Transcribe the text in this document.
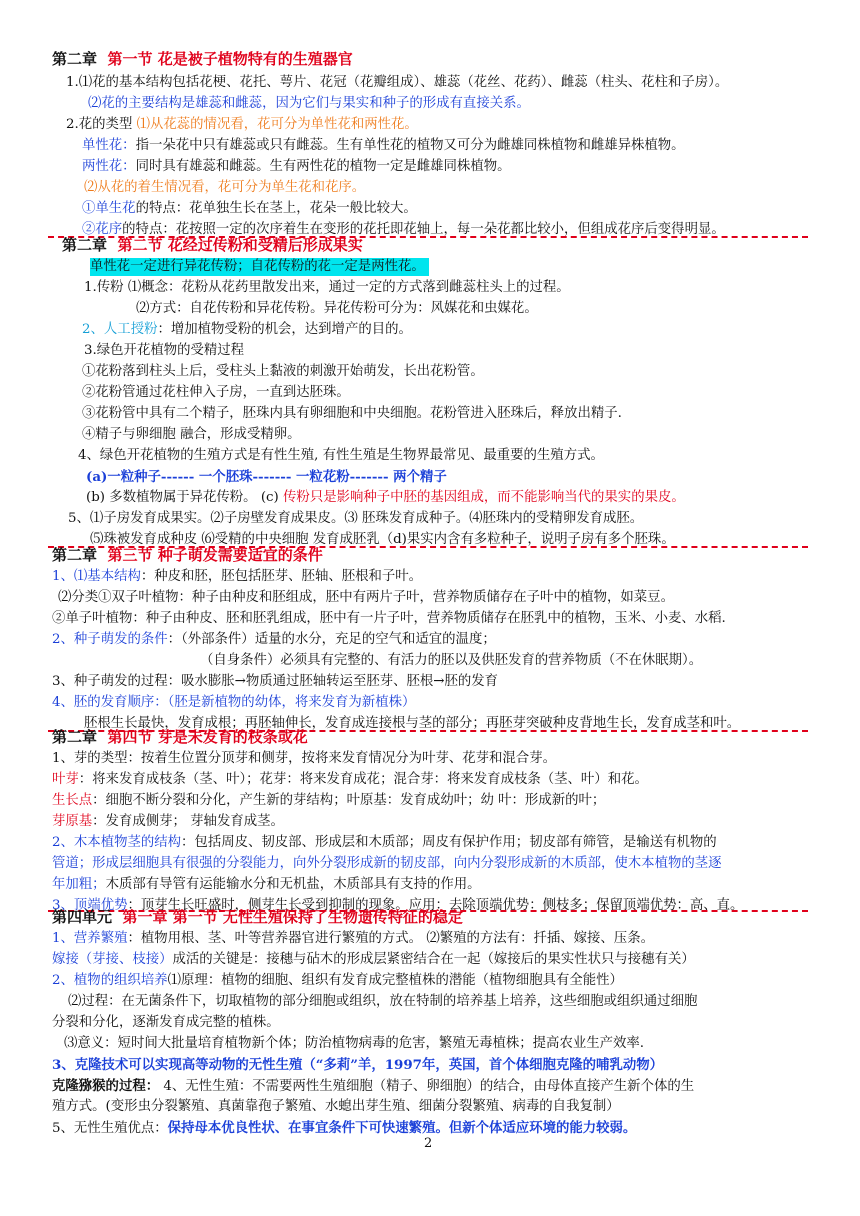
第二章 第一节 花是被子植物特有的生殖器官
1.⑴花的基本结构包括花梗、花托、萼片、花冠（花瓣组成）、雄蕊（花丝、花药）、雌蕊（柱头、花柱和子房）。
⑵花的主要结构是雄蕊和雌蕊，因为它们与果实和种子的形成有直接关系。
2.花的类型 ⑴从花蕊的情况看，花可分为单性花和两性花。
单性花：指一朵花中只有雄蕊或只有雌蕊。生有单性花的植物又可分为雌雄同株植物和雌雄异株植物。
两性花：同时具有雄蕊和雌蕊。生有两性花的植物一定是雌雄同株植物。
⑵从花的着生情况看，花可分为单生花和花序。
①单生花的特点：花单独生长在茎上，花朵一般比较大。
②花序的特点：花按照一定的次序着生在变形的花托即花轴上，每一朵花都比较小，但组成花序后变得明显。
第二章 第二节 花经过传粉和受精后形成果实
单性花一定进行异花传粉；自花传粉的花一定是两性花。
1.传粉 ⑴概念：花粉从花药里散发出来，通过一定的方式落到雌蕊柱头上的过程。
⑵方式：自花传粉和异花传粉。异花传粉可分为：风媒花和虫媒花。
2、人工授粉：增加植物受粉的机会，达到增产的目的。
3.绿色开花植物的受精过程
①花粉落到柱头上后，受柱头上黏液的刺激开始萌发，长出花粉管。
②花粉管通过花柱伸入子房，一直到达胚珠。
③花粉管中具有二个精子，胚珠内具有卵细胞和中央细胞。花粉管进入胚珠后，释放出精子.
④精子与卵细胞 融合，形成受精卵。
4、绿色开花植物的生殖方式是有性生殖, 有性生殖是生物界最常见、最重要的生殖方式。
(a)一粒种子------ 一个胚珠------- 一粒花粉------- 两个精子
(b) 多数植物属于异花传粉。 (c) 传粉只是影响种子中胚的基因组成，而不能影响当代的果实的果皮。
5、⑴子房发育成果实。⑵子房壁发育成果皮。⑶ 胚珠发育成种子。⑷胚珠内的受精卵发育成胚。
⑸珠被发育成种皮 ⑹受精的中央细胞 发育成胚乳（d)果实内含有多粒种子，说明子房有多个胚珠。
第二章 第三节 种子萌发需要适宜的条件
1、⑴基本结构：种皮和胚，胚包括胚芽、胚轴、胚根和子叶。
⑵分类①双子叶植物：种子由种皮和胚组成，胚中有两片子叶，营养物质储存在子叶中的植物，如菜豆。
②单子叶植物：种子由种皮、胚和胚乳组成，胚中有一片子叶，营养物质储存在胚乳中的植物，玉米、小麦、水稻.
2、种子萌发的条件：（外部条件）适量的水分，充足的空气和适宜的温度；
（自身条件）必须具有完整的、有活力的胚以及供胚发育的营养物质（不在休眠期）。
3、种子萌发的过程：吸水膨胀→物质通过胚轴转运至胚芽、胚根→胚的发育
4、胚的发育顺序：（胚是新植物的幼体，将来发育为新植株）
胚根生长最快，发育成根；再胚轴伸长，发育成连接根与茎的部分；再胚芽突破种皮背地生长，发育成茎和叶。
第二章 第四节 芽是未发育的枝条或花
1、芽的类型：按着生位置分顶芽和侧芽，按将来发育情况分为叶芽、花芽和混合芽。
叶芽：将来发育成枝条（茎、叶）；花芽：将来发育成花；混合芽：将来发育成枝条（茎、叶）和花。
生长点：细胞不断分裂和分化，产生新的芽结构；叶原基：发育成幼叶；幼 叶：形成新的叶；
芽原基：发育成侧芽； 芽轴发育成茎。
2、木本植物茎的结构：包括周皮、韧皮部、形成层和木质部；周皮有保护作用；韧皮部有筛管，是输送有机物的
管道；形成层细胞具有很强的分裂能力，向外分裂形成新的韧皮部，向内分裂形成新的木质部，使木本植物的茎逐
年加粗；木质部有导管有运能输水分和无机盐，木质部具有支持的作用。
3、顶端优势：顶芽生长旺盛时，侧芽生长受到抑制的现象。应用：去除顶端优势：侧枝多；保留顶端优势：高、直。
第四单元 第一章 第一节 无性生殖保持了生物遗传特征的稳定
1、营养繁殖：植物用根、茎、叶等营养器官进行繁殖的方式。 ⑵繁殖的方法有：扦插、嫁接、压条。
嫁接（芽接、枝接）成活的关键是：接穗与砧木的形成层紧密结合在一起（嫁接后的果实性状只与接穗有关）
2、植物的组织培养⑴原理：植物的细胞、组织有发育成完整植株的潜能（植物细胞具有全能性）
⑵过程：在无菌条件下，切取植物的部分细胞或组织，放在特制的培养基上培养，这些细胞或组织通过细胞
分裂和分化，逐渐发育成完整的植株。
⑶意义：短时间大批量培育植物新个体；防治植物病毒的危害，繁殖无毒植株；提高农业生产效率.
3、克隆技术可以实现高等动物的无性生殖（“多莉”羊，1997年，英国，首个体细胞克隆的哺乳动物）
克隆猕猴的过程： 4、无性生殖：不需要两性生殖细胞（精子、卵细胞）的结合，由母体直接产生新个体的生
殖方式。(变形虫分裂繁殖、真菌靠孢子繁殖、水螅出芽生殖、细菌分裂繁殖、病毒的自我复制）
5、无性生殖优点：保持母本优良性状、在事宜条件下可快速繁殖。但新个体适应环境的能力较弱。
2
